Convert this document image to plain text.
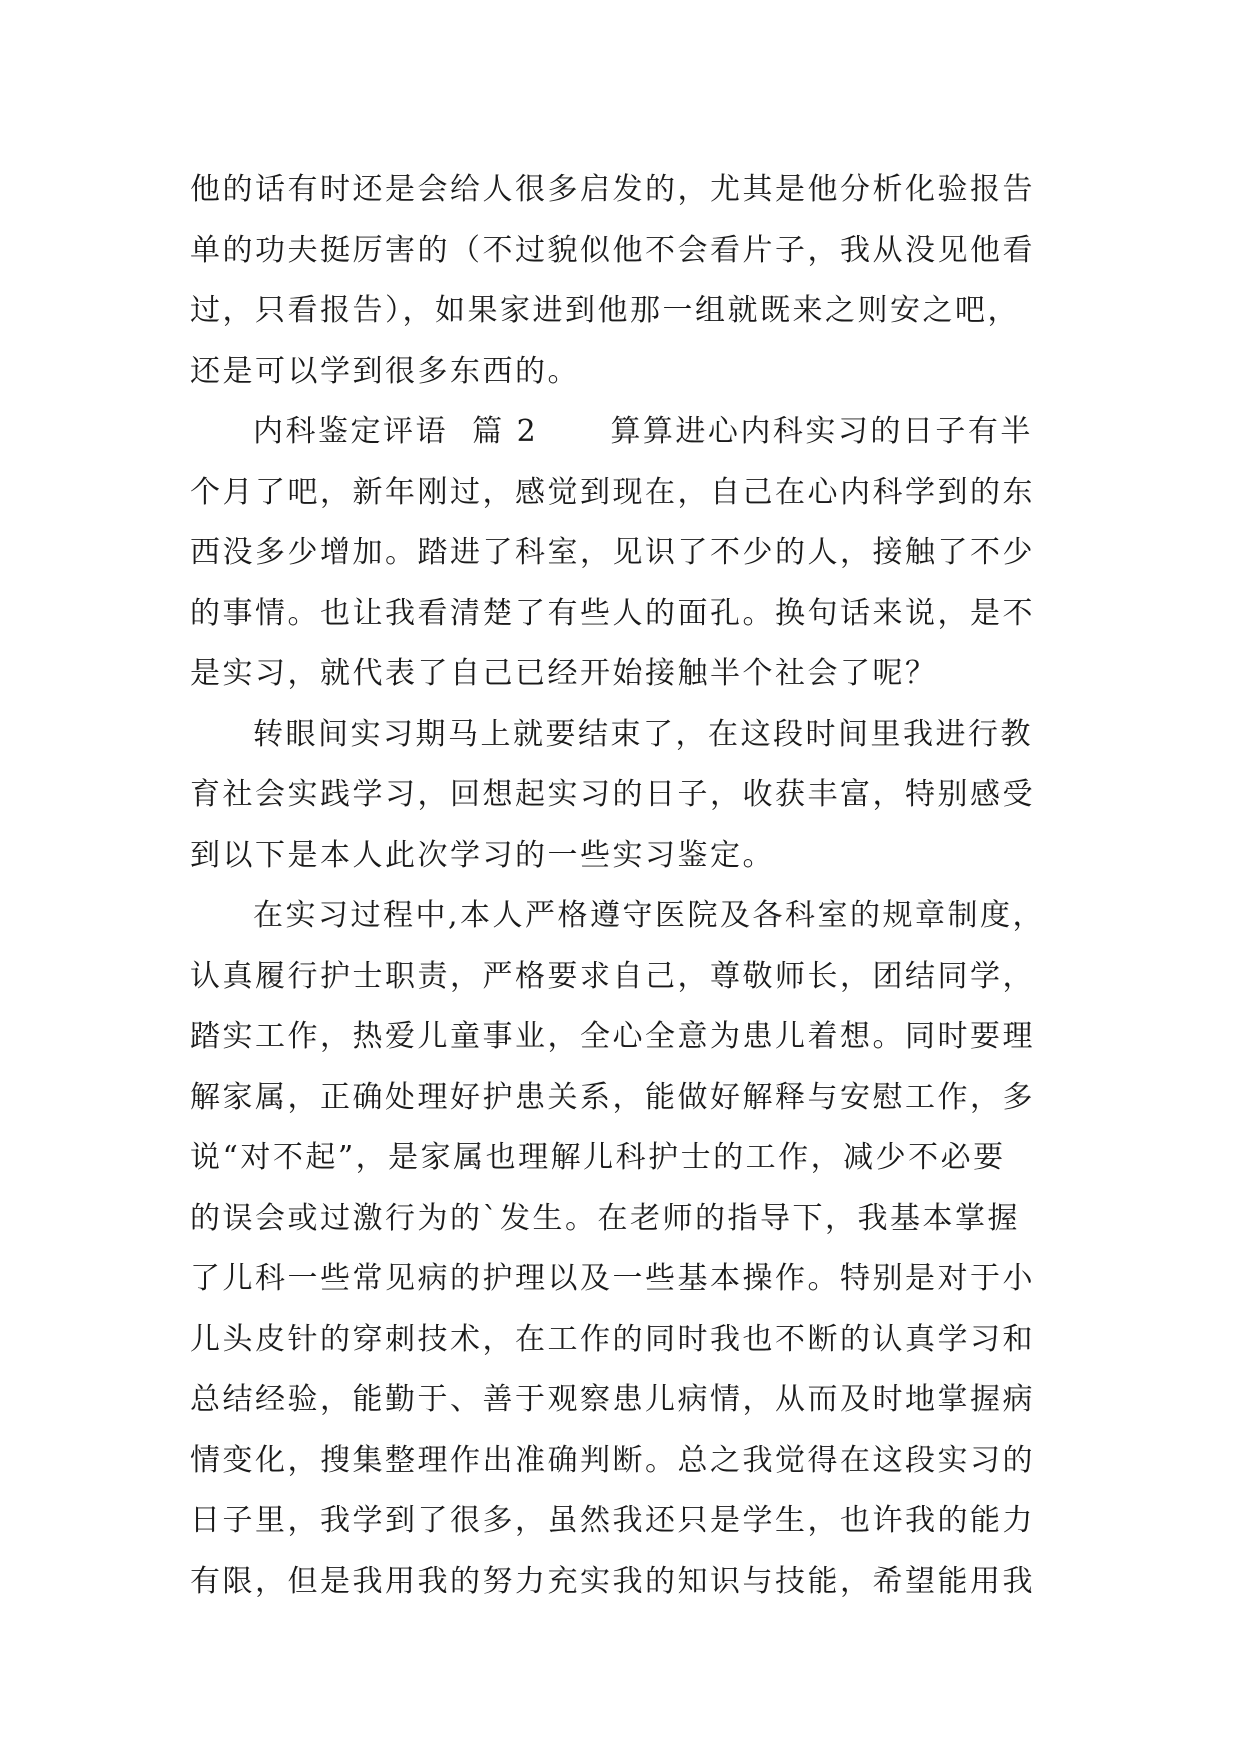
他的话有时还是会给人很多启发的，尤其是他分析化验报告
单的功夫挺厉害的（不过貌似他不会看片子，我从没见他看
过，只看报告），如果家进到他那一组就既来之则安之吧，
还是可以学到很多东西的。
内科鉴定评语  篇 2      算算进心内科实习的日子有半
个月了吧，新年刚过，感觉到现在，自己在心内科学到的东
西没多少增加。踏进了科室，见识了不少的人，接触了不少
的事情。也让我看清楚了有些人的面孔。换句话来说，是不
是实习，就代表了自己已经开始接触半个社会了呢？
转眼间实习期马上就要结束了，在这段时间里我进行教
育社会实践学习，回想起实习的日子，收获丰富，特别感受
到以下是本人此次学习的一些实习鉴定。
在实习过程中,本人严格遵守医院及各科室的规章制度，
认真履行护士职责，严格要求自己，尊敬师长，团结同学，
踏实工作，热爱儿童事业，全心全意为患儿着想。同时要理
解家属，正确处理好护患关系，能做好解释与安慰工作，多
说“对不起”，是家属也理解儿科护士的工作，减少不必要
的误会或过激行为的`发生。在老师的指导下，我基本掌握
了儿科一些常见病的护理以及一些基本操作。特别是对于小
儿头皮针的穿刺技术，在工作的同时我也不断的认真学习和
总结经验，能勤于、善于观察患儿病情，从而及时地掌握病
情变化，搜集整理作出准确判断。总之我觉得在这段实习的
日子里，我学到了很多，虽然我还只是学生，也许我的能力
有限，但是我用我的努力充实我的知识与技能，希望能用我
